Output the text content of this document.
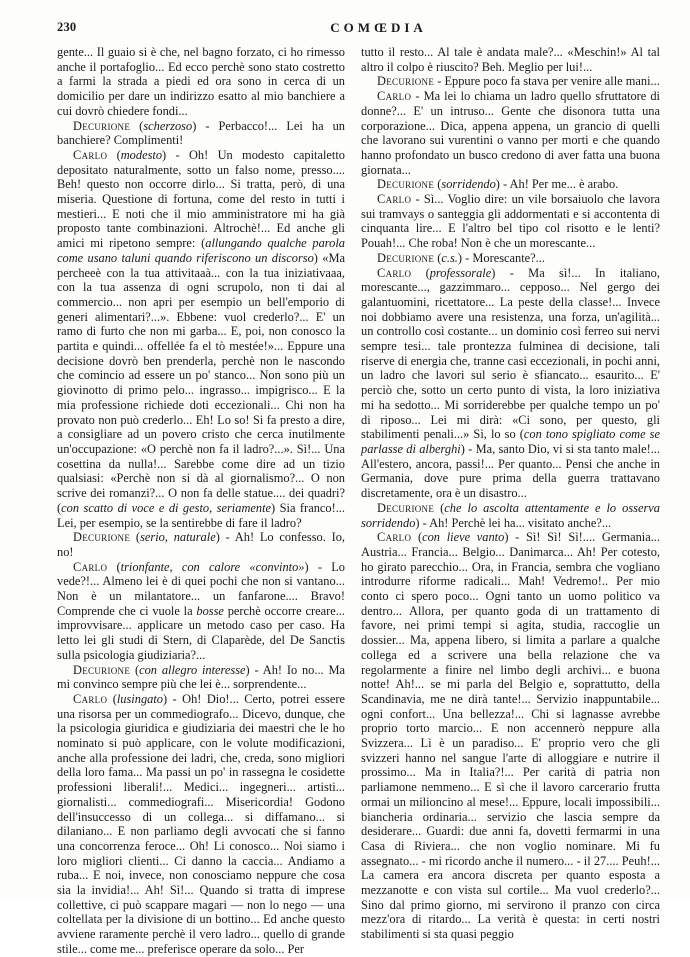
230	COMŒDIA

gente... Il guaio si è che, nel bagno forzato, ci ho rimesso anche il portafoglio... Ed ecco perchè sono stato costretto a farmi la strada a piedi ed ora sono in cerca di un domicilio per dare un indirizzo esatto al mio banchiere a cui dovrò chiedere fondi...

Decurione (scherzoso) - Perbacco!... Lei ha un banchiere? Complimenti!

Carlo (modesto) - Oh! Un modesto capitaletto depositato naturalmente, sotto un falso nome, presso.... Beh! questo non occorre dirlo... Si tratta, però, di una miseria. Questione di fortuna, come del resto in tutti i mestieri... E noti che il mio amministratore mi ha già proposto tante combinazioni. Altrochè!... Ed anche gli amici mi ripetono sempre: (allungando qualche parola come usano taluni quando riferiscono un discorso) «Ma percheeè con la tua attivitaaà... con la tua iniziativaaa, con la tua assenza di ogni scrupolo, non ti dai al commercio... non apri per esempio un bell'emporio di generi alimentari?...». Ebbene: vuol crederlo?... E' un ramo di furto che non mi garba... E, poi, non conosco la partita e quindi... offellée fa el tò mestée!»... Eppure una decisione dovrò ben prenderla, perchè non le nascondo che comincio ad essere un po' stanco... Non sono più un giovinotto di primo pelo... ingrasso... impigrisco... E la mia professione richiede doti eccezionali... Chi non ha provato non può crederlo... Eh! Lo so! Si fa presto a dire, a consigliare ad un povero cristo che cerca inutilmente un'occupazione: «O perchè non fa il ladro?...». Sì!... Una cosettina da nulla!... Sarebbe come dire ad un tizio qualsiasi: «Perchè non si dà al giornalismo?... O non scrive dei romanzi?... O non fa delle statue.... dei quadri? (con scatto di voce e di gesto, seriamente) Sia franco!... Lei, per esempio, se la sentirebbe di fare il ladro?

Decurione (serio, naturale) - Ah! Lo confesso. Io, no!

Carlo (trionfante, con calore «convinto») - Lo vede?!... Almeno lei è di quei pochi che non si vantano... Non è un milantatore... un fanfarone.... Bravo! Comprende che ci vuole la bosse perchè occorre creare... improvvisare... applicare un metodo caso per caso. Ha letto lei gli studi di Stern, di Claparède, del De Sanctis sulla psicologia giudiziaria?...

Decurione (con allegro interesse) - Ah! Io no... Ma mi convinco sempre più che lei è... sorprendente...

Carlo (lusingato) - Oh! Dio!... Certo, potrei essere una risorsa per un commediografo... Dicevo, dunque, che la psicologia giuridica e giudiziaria dei maestri che le ho nominato si può applicare, con le volute modificazioni, anche alla professione dei ladri, che, creda, sono migliori della loro fama... Ma passi un po' in rassegna le cosidette professioni liberali!... Medici... ingegneri... artisti... giornalisti... commediografi... Misericordia! Godono dell'insuccesso di un collega... si diffamano... si dilaniano... E non parliamo degli avvocati che si fanno una concorrenza feroce... Oh! Li conosco... Noi siamo i loro migliori clienti... Ci danno la caccia... Andiamo a ruba... E noi, invece, non conosciamo neppure che cosa sia la invidia!... Ah! Sì!... Quando si tratta di imprese collettive, ci può scappare magari — non lo nego — una coltellata per la divisione di un bottino... Ed anche questo avviene raramente perchè il vero ladro... quello di grande stile... come me... preferisce operare da solo... Per

tutto il resto... Al tale è andata male?... «Meschin!» Al tal altro il colpo è riuscito? Beh. Meglio per lui!...

Decurione - Eppure poco fa stava per venire alle mani...

Carlo - Ma lei lo chiama un ladro quello sfruttatore di donne?... E' un intruso... Gente che disonora tutta una corporazione... Dica, appena appena, un grancio di quelli che lavorano sui vurentini o vanno per morti e che quando hanno profondato un busco credono di aver fatta una buona giornata...

Decurione (sorridendo) - Ah! Per me... è arabo.

Carlo - Sì... Voglio dire: un vile borsaiuolo che lavora sui tramvays o santeggia gli addormentati e si accontenta di cinquanta lire... E l'altro bel tipo col risotto e le lenti? Pouah!... Che roba! Non è che un morescante...

Decurione (c.s.) - Morescante?...

Carlo (professorale) - Ma sì!... In italiano, morescante..., gazzimmaro... cepposo... Nel gergo dei galantuomini, ricettatore... La peste della classe!... Invece noi dobbiamo avere una resistenza, una forza, un'agilità... un controllo così costante... un dominio così ferreo sui nervi sempre tesi... tale prontezza fulminea di decisione, tali riserve di energia che, tranne casi eccezionali, in pochi anni, un ladro che lavori sul serio è sfiancato... esaurito... E' perciò che, sotto un certo punto di vista, la loro iniziativa mi ha sedotto... Mi sorriderebbe per qualche tempo un po' di riposo... Lei mi dirà: «Ci sono, per questo, gli stabilimenti penali...» Sì, lo so (con tono spigliato come se parlasse di alberghi) - Ma, santo Dio, vi si sta tanto male!... All'estero, ancora, passi!... Per quanto... Pensi che anche in Germania, dove pure prima della guerra trattavano discretamente, ora è un disastro...

Decurione (che lo ascolta attentamente e lo osserva sorridendo) - Ah! Perchè lei ha... visitato anche?...

Carlo (con lieve vanto) - Sì! Sì! Sì!.... Germania... Austria... Francia... Belgio... Danimarca... Ah! Per cotesto, ho girato parecchio... Ora, in Francia, sembra che vogliano introdurre riforme radicali... Mah! Vedremo!.. Per mio conto ci spero poco... Ogni tanto un uomo politico va dentro... Allora, per quanto goda di un trattamento di favore, nei primi tempi si agita, studia, raccoglie un dossier... Ma, appena libero, si limita a parlare a qualche collega ed a scrivere una bella relazione che va regolarmente a finire nel limbo degli archivi... e buona notte! Ah!... se mi parla del Belgio e, soprattutto, della Scandinavia, me ne dirà tante!... Servizio inappuntabile... ogni confort... Una bellezza!... Chi si lagnasse avrebbe proprio torto marcio... E non accennerò neppure alla Svizzera... Lì è un paradiso... E' proprio vero che gli svizzeri hanno nel sangue l'arte di alloggiare e nutrire il prossimo... Ma in Italia?!... Per carità di patria non parliamone nemmeno... E sì che il lavoro carcerario frutta ormai un milioncino al mese!... Eppure, locali impossibili... biancheria ordinaria... servizio che lascia sempre da desiderare... Guardi: due anni fa, dovetti fermarmi in una Casa di Riviera... che non voglio nominare. Mi fu assegnato... - mi ricordo anche il numero... - il 27.... Peuh!... La camera era ancora discreta per quanto esposta a mezzanotte e con vista sul cortile... Ma vuol crederlo?... Sino dal primo giorno, mi servirono il pranzo con circa mezz'ora di ritardo... La verità è questa: in certi nostri stabilimenti si sta quasi peggio
